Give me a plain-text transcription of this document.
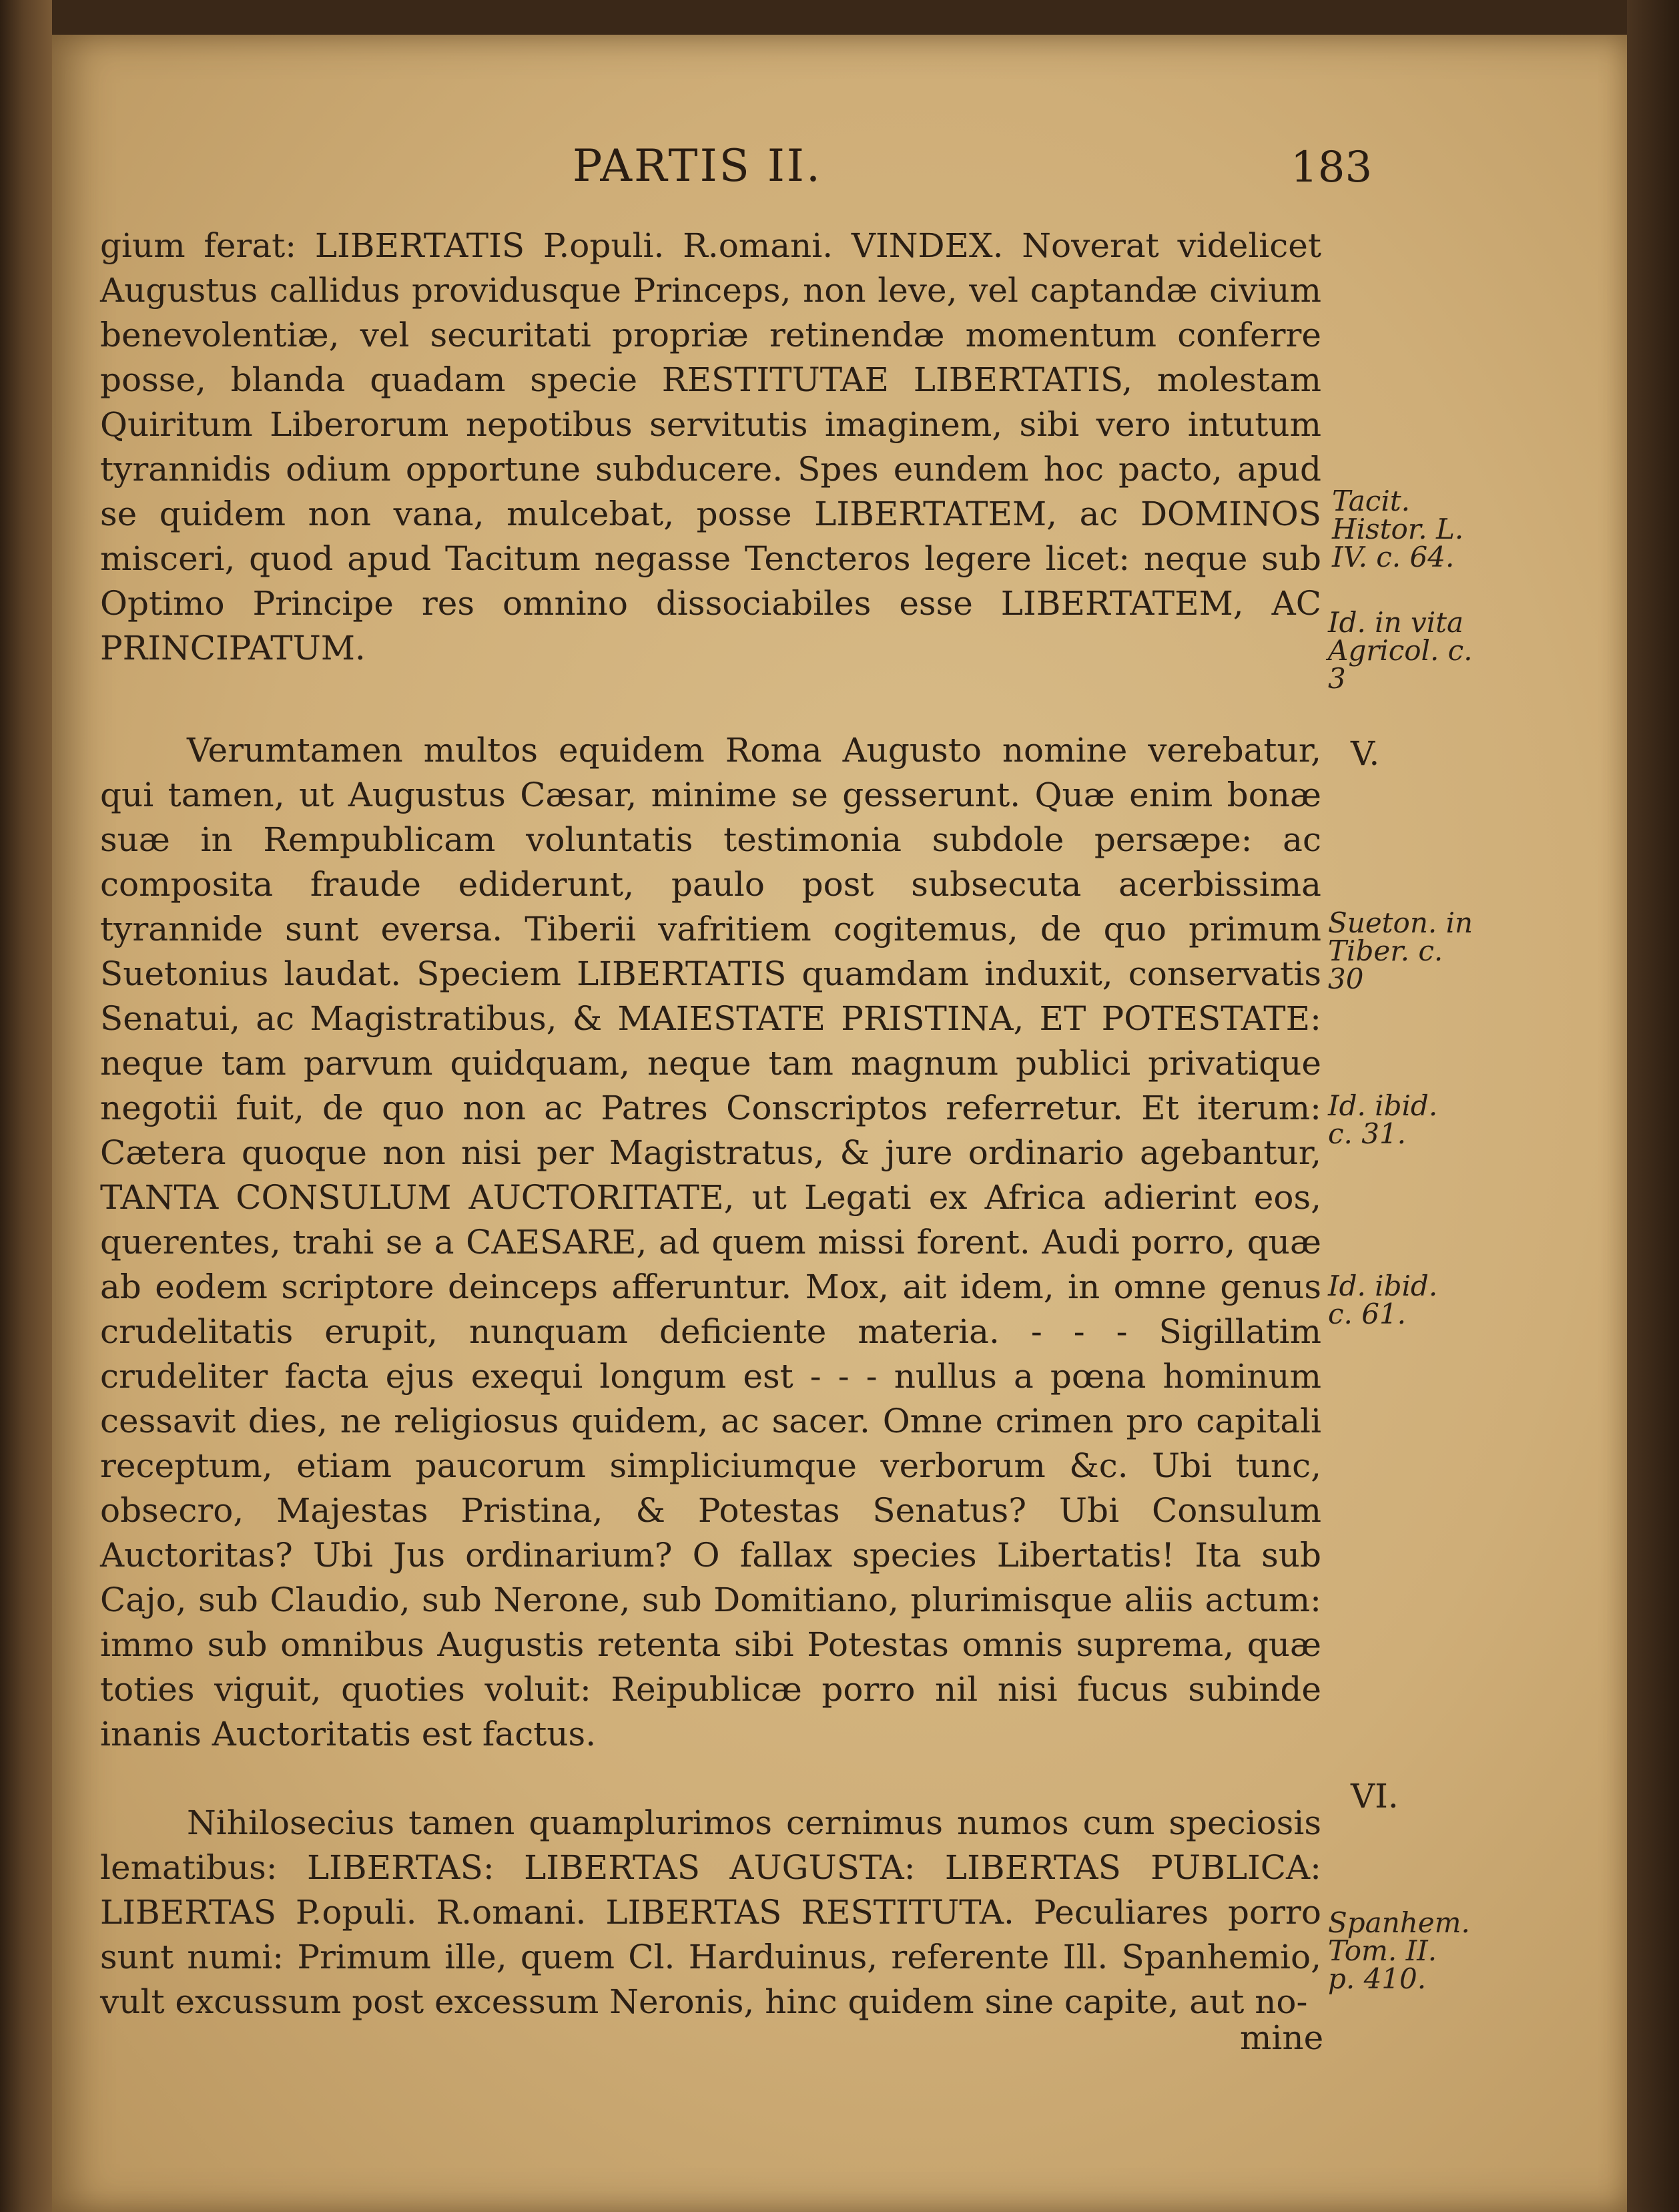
PARTIS II.	183

gium ferat: LIBERTATIS P.opuli. R.omani. VINDEX. Noverat videlicet Augustus callidus providusque Princeps, non leve, vel captandæ civium benevolentiæ, vel securitati propriæ retinendæ momentum conferre posse, blanda quadam specie RESTITUTAE LIBERTATIS, molestam Quiritum Liberorum nepotibus servitutis imaginem, sibi vero intutum tyrannidis odium opportune subducere. Spes eundem hoc pacto, apud se quidem non vana, mulcebat, posse LIBERTATEM, ac DOMINOS misceri, quod apud Tacitum negasse Tencteros legere licet: neque sub Optimo Principe res omnino dissociabiles esse LIBERTATEM, AC PRINCIPATUM.

Verumtamen multos equidem Roma Augusto nomine verebatur, qui tamen, ut Augustus Cæsar, minime se gesserunt. Quæ enim bonæ suæ in Rempublicam voluntatis testimonia subdole persæpe: ac composita fraude ediderunt, paulo post subsecuta acerbissima tyrannide sunt eversa. Tiberii vafritiem cogitemus, de quo primum Suetonius laudat. Speciem LIBERTATIS quamdam induxit, conservatis Senatui, ac Magistratibus, & MAIESTATE PRISTINA, ET POTESTATE: neque tam parvum quidquam, neque tam magnum publici privatique negotii fuit, de quo non ac Patres Conscriptos referretur. Et iterum: Cætera quoque non nisi per Magistratus, & jure ordinario agebantur, TANTA CONSULUM AUCTORITATE, ut Legati ex Africa adierint eos, querentes, trahi se a CAESARE, ad quem missi forent. Audi porro, quæ ab eodem scriptore deinceps afferuntur. Mox, ait idem, in omne genus crudelitatis erupit, nunquam deficiente materia. - - - Sigillatim crudeliter facta ejus exequi longum est - - - nullus a pœna hominum cessavit dies, ne religiosus quidem, ac sacer. Omne crimen pro capitali receptum, etiam paucorum simpliciumque verborum &c. Ubi tunc, obsecro, Majestas Pristina, & Potestas Senatus? Ubi Consulum Auctoritas? Ubi Jus ordinarium? O fallax species Libertatis! Ita sub Cajo, sub Claudio, sub Nerone, sub Domitiano, plurimisque aliis actum: immo sub omnibus Augustis retenta sibi Potestas omnis suprema, quæ toties viguit, quoties voluit: Reipublicæ porro nil nisi fucus subinde inanis Auctoritatis est factus.

Nihilosecius tamen quamplurimos cernimus numos cum speciosis lematibus: LIBERTAS: LIBERTAS AUGUSTA: LIBERTAS PUBLICA: LIBERTAS P.opuli. R.omani. LIBERTAS RESTITUTA. Peculiares porro sunt numi: Primum ille, quem Cl. Harduinus, referente Ill. Spanhemio, vult excussum post excessum Neronis, hinc quidem sine capite, aut no-

mine
V.
VI.
Tacit. Histor. L. IV. c. 64.
Id. in vita Agricol. c. 3
Sueton. in Tiber. c. 30
Id. ibid. c. 31.
Id. ibid. c. 61.
Spanhem. Tom. II. p. 410.
